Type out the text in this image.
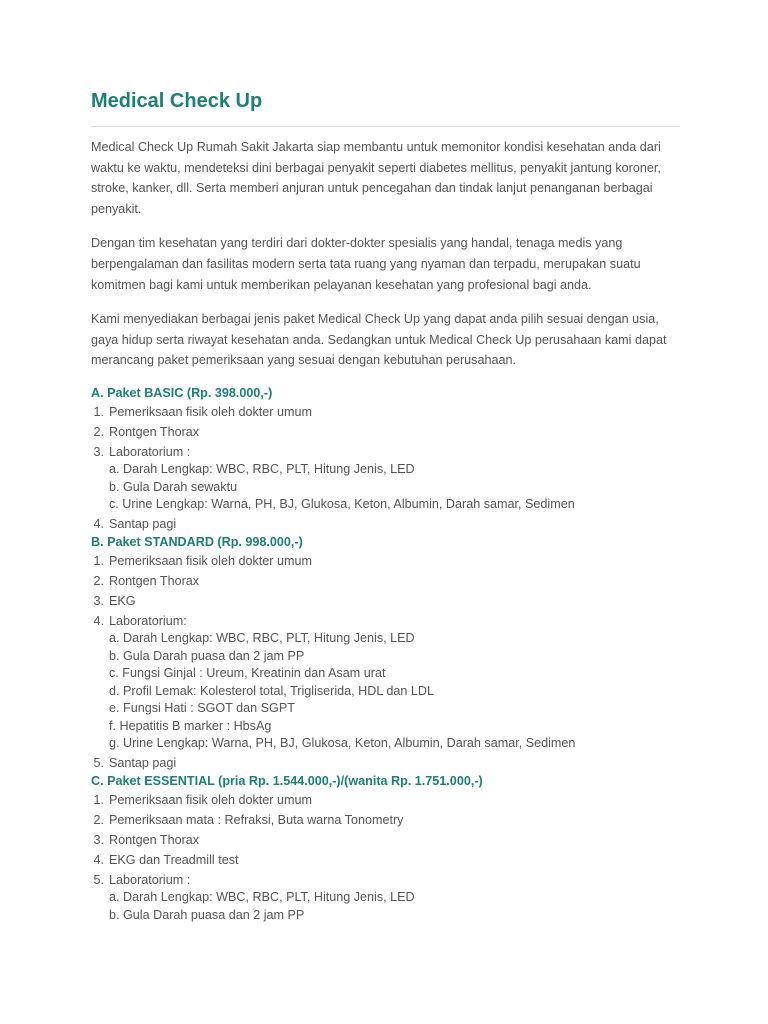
Medical Check Up

Medical Check Up Rumah Sakit Jakarta siap membantu untuk memonitor kondisi kesehatan anda dari waktu ke waktu, mendeteksi dini berbagai penyakit seperti diabetes mellitus, penyakit jantung koroner, stroke, kanker, dll. Serta memberi anjuran untuk pencegahan dan tindak lanjut penanganan berbagai penyakit.

Dengan tim kesehatan yang terdiri dari dokter-dokter spesialis yang handal, tenaga medis yang berpengalaman dan fasilitas modern serta tata ruang yang nyaman dan terpadu, merupakan suatu komitmen bagi kami untuk memberikan pelayanan kesehatan yang profesional bagi anda.

Kami menyediakan berbagai jenis paket Medical Check Up yang dapat anda pilih sesuai dengan usia, gaya hidup serta riwayat kesehatan anda. Sedangkan untuk Medical Check Up perusahaan kami dapat merancang paket pemeriksaan yang sesuai dengan kebutuhan perusahaan.

A. Paket BASIC (Rp. 398.000,-)
1 . Pemeriksaan fisik oleh dokter umum
2 . Rontgen Thorax
3 . Laboratorium :
a. Darah Lengkap: WBC, RBC, PLT, Hitung Jenis, LED
b. Gula Darah sewaktu
c. Urine Lengkap: Warna, PH, BJ, Glukosa, Keton, Albumin, Darah samar, Sedimen
4 . Santap pagi
B. Paket STANDARD (Rp. 998.000,-)
1 . Pemeriksaan fisik oleh dokter umum
2 . Rontgen Thorax
3 . EKG
4 . Laboratorium:
a. Darah Lengkap: WBC, RBC, PLT, Hitung Jenis, LED
b. Gula Darah puasa dan 2 jam PP
c. Fungsi Ginjal : Ureum, Kreatinin dan Asam urat
d. Profil Lemak: Kolesterol total, Trigliserida, HDL dan LDL
e. Fungsi Hati : SGOT dan SGPT
f. Hepatitis B marker : HbsAg
g. Urine Lengkap: Warna, PH, BJ, Glukosa, Keton, Albumin, Darah samar, Sedimen
5 . Santap pagi
C. Paket ESSENTIAL (pria Rp. 1.544.000,-)/(wanita Rp. 1.751.000,-)
1 . Pemeriksaan fisik oleh dokter umum
2 . Pemeriksaan mata : Refraksi, Buta warna Tonometry
3 . Rontgen Thorax
4 . EKG dan Treadmill test
5 . Laboratorium :
a. Darah Lengkap: WBC, RBC, PLT, Hitung Jenis, LED
b. Gula Darah puasa dan 2 jam PP
